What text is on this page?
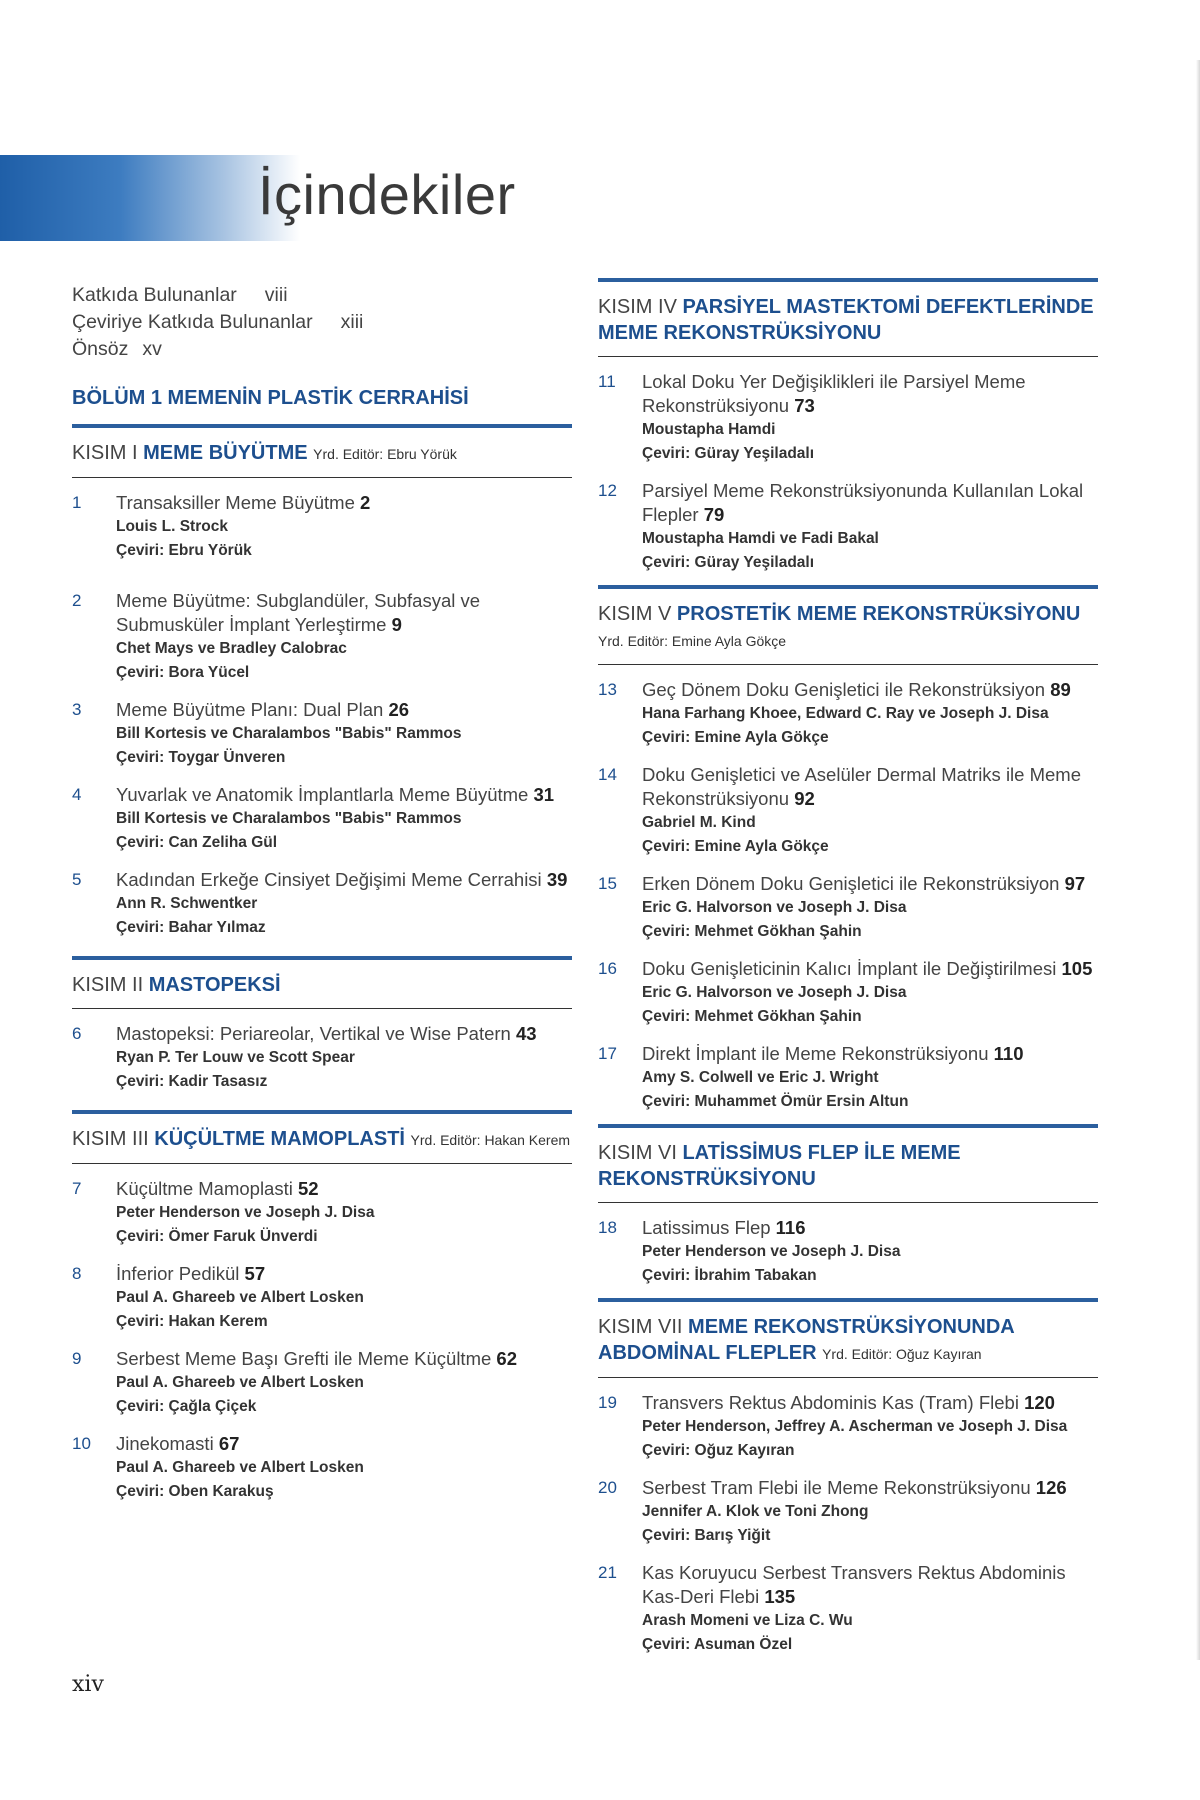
İçindekiler
Katkıda Bulunanlar viii
Çeviriye Katkıda Bulunanlar xiii
Önsöz xv
BÖLÜM 1 MEMENİN PLASTİK CERRAHİSİ
KISIM I MEME BÜYÜTME Yrd. Editör: Ebru Yörük
1	Transaksiller Meme Büyütme 2
Louis L. Strock
Çeviri: Ebru Yörük
2	Meme Büyütme: Subglandüler, Subfasyal ve Submusküler İmplant Yerleştirme 9
Chet Mays ve Bradley Calobrac
Çeviri: Bora Yücel
3	Meme Büyütme Planı: Dual Plan 26
Bill Kortesis ve Charalambos "Babis" Rammos
Çeviri: Toygar Ünveren
4	Yuvarlak ve Anatomik İmplantlarla Meme Büyütme 31
Bill Kortesis ve Charalambos "Babis" Rammos
Çeviri: Can Zeliha Gül
5	Kadından Erkeğe Cinsiyet Değişimi Meme Cerrahisi 39
Ann R. Schwentker
Çeviri: Bahar Yılmaz
KISIM II MASTOPEKSİ
6	Mastopeksi: Periareolar, Vertikal ve Wise Patern 43
Ryan P. Ter Louw ve Scott Spear
Çeviri: Kadir Tasasız
KISIM III KÜÇÜLTME MAMOPLASTİ Yrd. Editör: Hakan Kerem
7	Küçültme Mamoplasti 52
Peter Henderson ve Joseph J. Disa
Çeviri: Ömer Faruk Ünverdi
8	İnferior Pedikül 57
Paul A. Ghareeb ve Albert Losken
Çeviri: Hakan Kerem
9	Serbest Meme Başı Grefti ile Meme Küçültme 62
Paul A. Ghareeb ve Albert Losken
Çeviri: Çağla Çiçek
10	Jinekomasti 67
Paul A. Ghareeb ve Albert Losken
Çeviri: Oben Karakuş
KISIM IV PARSİYEL MASTEKTOMİ DEFEKTLERİNDE MEME REKONSTRÜKSİYONU
11	Lokal Doku Yer Değişiklikleri ile Parsiyel Meme Rekonstrüksiyonu 73
Moustapha Hamdi
Çeviri: Güray Yeşiladalı
12	Parsiyel Meme Rekonstrüksiyonunda Kullanılan Lokal Flepler 79
Moustapha Hamdi ve Fadi Bakal
Çeviri: Güray Yeşiladalı
KISIM V PROSTETİK MEME REKONSTRÜKSİYONU Yrd. Editör: Emine Ayla Gökçe
13	Geç Dönem Doku Genişletici ile Rekonstrüksiyon 89
Hana Farhang Khoee, Edward C. Ray ve Joseph J. Disa
Çeviri: Emine Ayla Gökçe
14	Doku Genişletici ve Aselüler Dermal Matriks ile Meme Rekonstrüksiyonu 92
Gabriel M. Kind
Çeviri: Emine Ayla Gökçe
15	Erken Dönem Doku Genişletici ile Rekonstrüksiyon 97
Eric G. Halvorson ve Joseph J. Disa
Çeviri: Mehmet Gökhan Şahin
16	Doku Genişleticinin Kalıcı İmplant ile Değiştirilmesi 105
Eric G. Halvorson ve Joseph J. Disa
Çeviri: Mehmet Gökhan Şahin
17	Direkt İmplant ile Meme Rekonstrüksiyonu 110
Amy S. Colwell ve Eric J. Wright
Çeviri: Muhammet Ömür Ersin Altun
KISIM VI LATİSSİMUS FLEP İLE MEME REKONSTRÜKSİYONU
18	Latissimus Flep 116
Peter Henderson ve Joseph J. Disa
Çeviri: İbrahim Tabakan
KISIM VII MEME REKONSTRÜKSİYONUNDA ABDOMİNAL FLEPLER Yrd. Editör: Oğuz Kayıran
19	Transvers Rektus Abdominis Kas (Tram) Flebi 120
Peter Henderson, Jeffrey A. Ascherman ve Joseph J. Disa
Çeviri: Oğuz Kayıran
20	Serbest Tram Flebi ile Meme Rekonstrüksiyonu 126
Jennifer A. Klok ve Toni Zhong
Çeviri: Barış Yiğit
21	Kas Koruyucu Serbest Transvers Rektus Abdominis Kas-Deri Flebi 135
Arash Momeni ve Liza C. Wu
Çeviri: Asuman Özel
xiv
